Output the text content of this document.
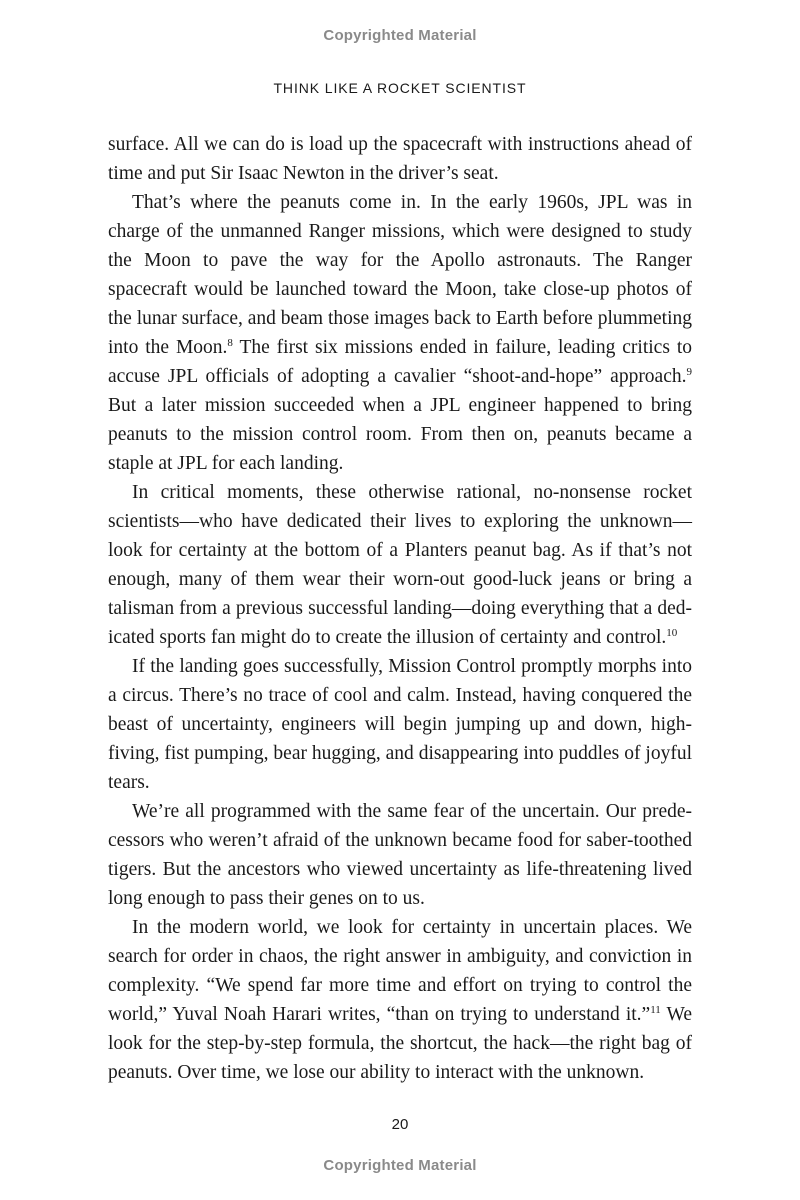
Copyrighted Material
THINK LIKE A ROCKET SCIENTIST

surface. All we can do is load up the spacecraft with instructions ahead of time and put Sir Isaac Newton in the driver’s seat.

That’s where the peanuts come in. In the early 1960s, JPL was in charge of the unmanned Ranger missions, which were designed to study the Moon to pave the way for the Apollo astronauts. The Ranger spacecraft would be launched toward the Moon, take close-up photos of the lunar surface, and beam those images back to Earth before plummeting into the Moon.$^8$ The first six missions ended in failure, leading critics to accuse JPL officials of adopting a cavalier “shoot-and-hope” approach.$^9$ But a later mission succeeded when a JPL engineer happened to bring peanuts to the mission control room. From then on, peanuts became a staple at JPL for each landing.

In critical moments, these otherwise rational, no-nonsense rocket scientists—who have dedicated their lives to exploring the unknown— look for certainty at the bottom of a Planters peanut bag. As if that’s not enough, many of them wear their worn-out good-luck jeans or bring a talisman from a previous successful landing—doing everything that a dedicated sports fan might do to create the illusion of certainty and control.$^{10}$

If the landing goes successfully, Mission Control promptly morphs into a circus. There’s no trace of cool and calm. Instead, having conquered the beast of uncertainty, engineers will begin jumping up and down, high-fiving, fist pumping, bear hugging, and disappearing into puddles of joyful tears.

We’re all programmed with the same fear of the uncertain. Our predecessors who weren’t afraid of the unknown became food for saber-toothed tigers. But the ancestors who viewed uncertainty as life-threatening lived long enough to pass their genes on to us.

In the modern world, we look for certainty in uncertain places. We search for order in chaos, the right answer in ambiguity, and conviction in complexity. “We spend far more time and effort on trying to control the world,” Yuval Noah Harari writes, “than on trying to understand it.”$^{11}$ We look for the step-by-step formula, the shortcut, the hack—the right bag of peanuts. Over time, we lose our ability to interact with the unknown.

20
Copyrighted Material
